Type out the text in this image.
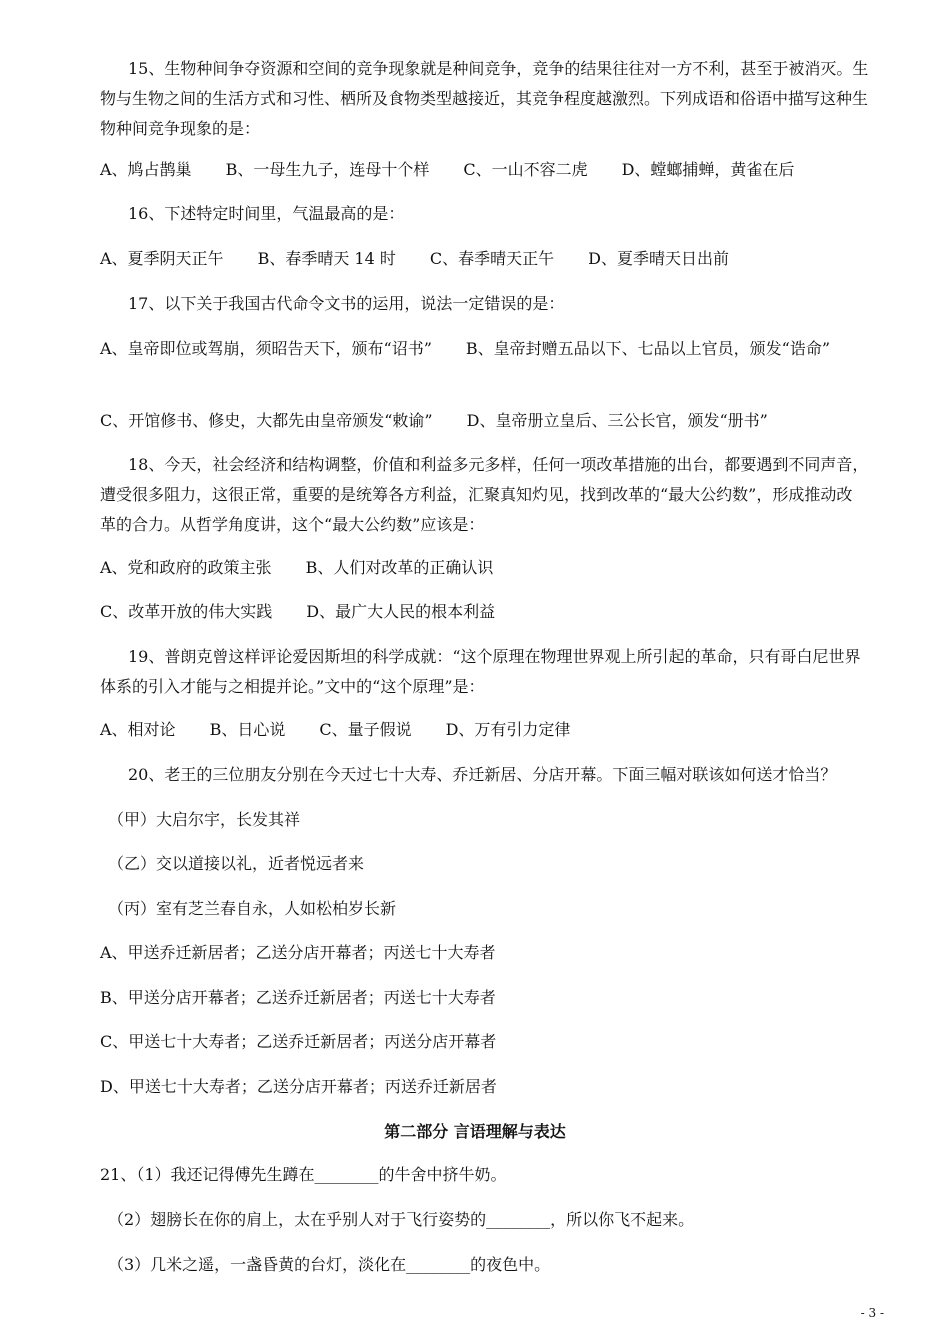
15、生物种间争夺资源和空间的竞争现象就是种间竞争，竞争的结果往往对一方不利，甚至于被消灭。生
物与生物之间的生活方式和习性、栖所及食物类型越接近，其竞争程度越激烈。下列成语和俗语中描写这种生
物种间竞争现象的是：
A、鸠占鹊巢 B、一母生九子，连母十个样 C、一山不容二虎 D、螳螂捕蝉，黄雀在后
16、下述特定时间里，气温最高的是：
A、夏季阴天正午 B、春季晴天 14 时 C、春季晴天正午 D、夏季晴天日出前
17、以下关于我国古代命令文书的运用，说法一定错误的是：
A、皇帝即位或驾崩，须昭告天下，颁布“诏书” B、皇帝封赠五品以下、七品以上官员，颁发“诰命”
C、开馆修书、修史，大都先由皇帝颁发“敕谕” D、皇帝册立皇后、三公长官，颁发“册书”
18、今天，社会经济和结构调整，价值和利益多元多样，任何一项改革措施的出台，都要遇到不同声音，
遭受很多阻力，这很正常，重要的是统筹各方利益，汇聚真知灼见，找到改革的“最大公约数”，形成推动改
革的合力。从哲学角度讲，这个“最大公约数”应该是：
A、党和政府的政策主张 B、人们对改革的正确认识
C、改革开放的伟大实践 D、最广大人民的根本利益
19、普朗克曾这样评论爱因斯坦的科学成就：“这个原理在物理世界观上所引起的革命，只有哥白尼世界
体系的引入才能与之相提并论。”文中的“这个原理”是：
A、相对论 B、日心说 C、量子假说 D、万有引力定律
20、老王的三位朋友分别在今天过七十大寿、乔迁新居、分店开幕。下面三幅对联该如何送才恰当？
（甲）大启尔宇，长发其祥
（乙）交以道接以礼，近者悦远者来
（丙）室有芝兰春自永，人如松柏岁长新
A、甲送乔迁新居者；乙送分店开幕者；丙送七十大寿者
B、甲送分店开幕者；乙送乔迁新居者；丙送七十大寿者
C、甲送七十大寿者；乙送乔迁新居者；丙送分店开幕者
D、甲送七十大寿者；乙送分店开幕者；丙送乔迁新居者
第二部分 言语理解与表达
21、（1）我还记得傅先生蹲在________的牛舍中挤牛奶。
（2）翅膀长在你的肩上，太在乎别人对于飞行姿势的________，所以你飞不起来。
（3）几米之遥，一盏昏黄的台灯，淡化在________的夜色中。
- 3 -
